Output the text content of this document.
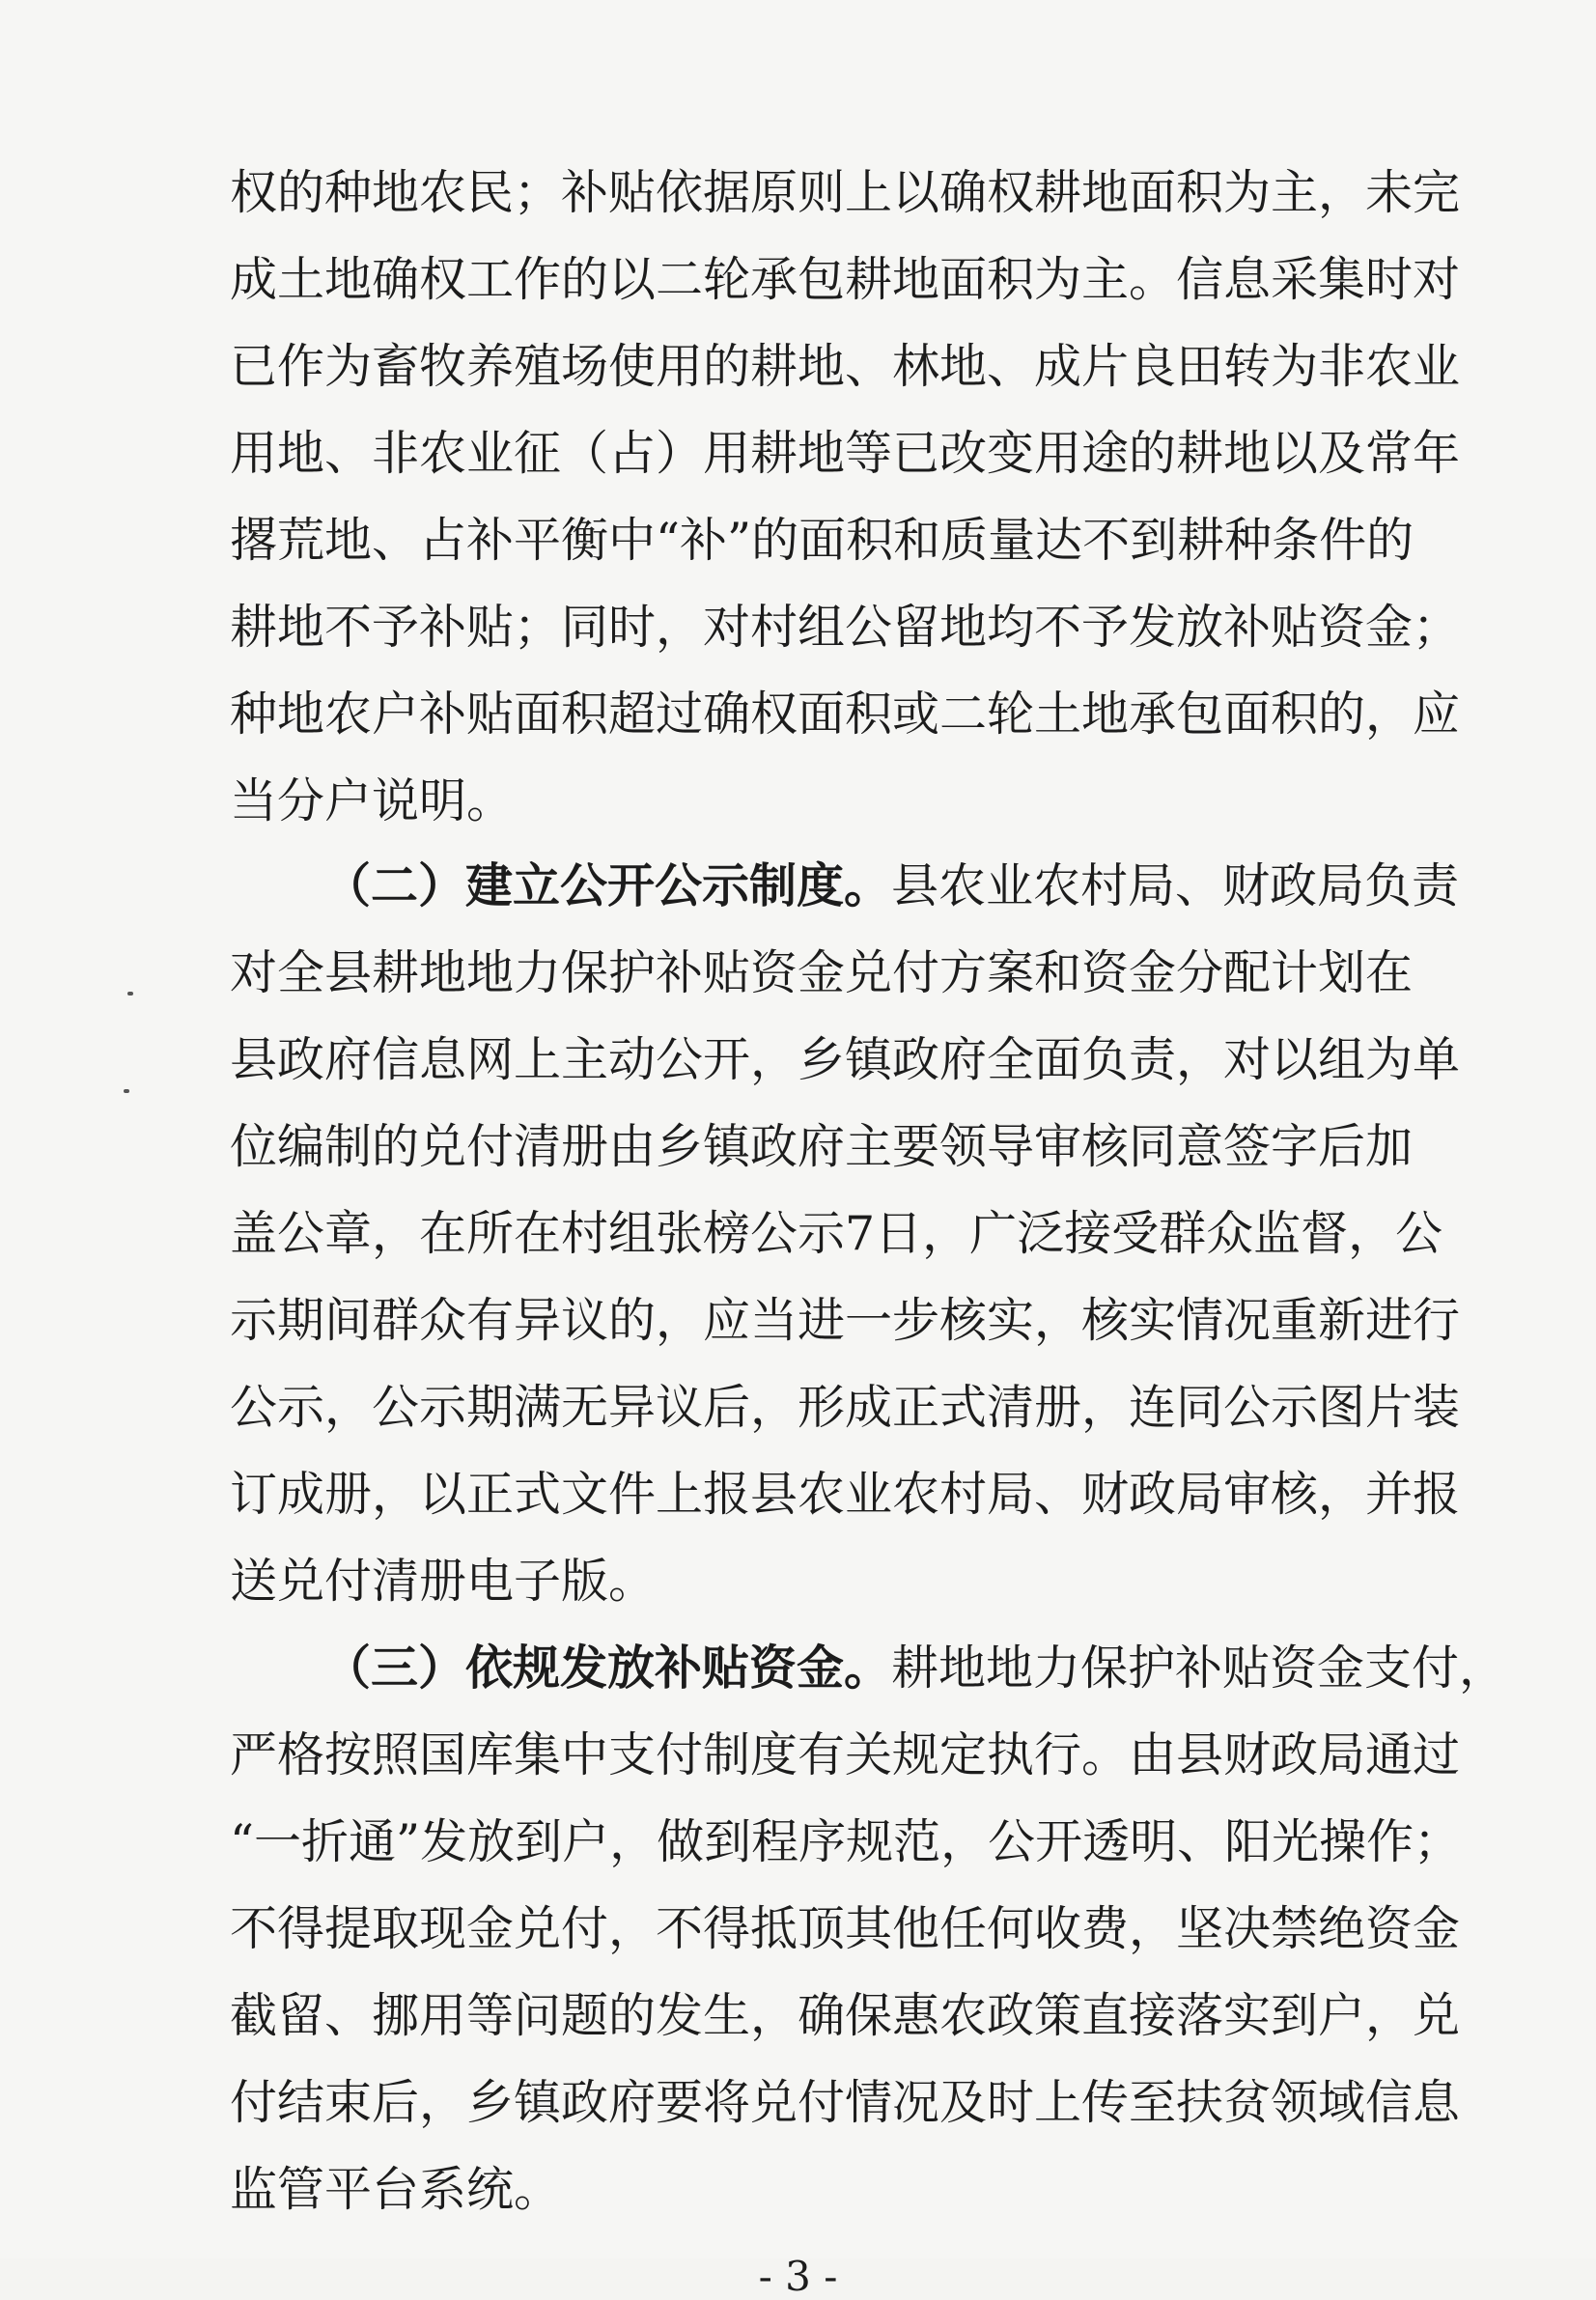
权的种地农民；补贴依据原则上以确权耕地面积为主，未完
成土地确权工作的以二轮承包耕地面积为主。信息采集时对
已作为畜牧养殖场使用的耕地、林地、成片良田转为非农业
用地、非农业征（占）用耕地等已改变用途的耕地以及常年
撂荒地、占补平衡中“补”的面积和质量达不到耕种条件的
耕地不予补贴；同时，对村组公留地均不予发放补贴资金；
种地农户补贴面积超过确权面积或二轮土地承包面积的，应
当分户说明。
（二）建立公开公示制度。县农业农村局、财政局负责
对全县耕地地力保护补贴资金兑付方案和资金分配计划在
县政府信息网上主动公开，乡镇政府全面负责，对以组为单
位编制的兑付清册由乡镇政府主要领导审核同意签字后加
盖公章，在所在村组张榜公示7日，广泛接受群众监督，公
示期间群众有异议的，应当进一步核实，核实情况重新进行
公示，公示期满无异议后，形成正式清册，连同公示图片装
订成册，以正式文件上报县农业农村局、财政局审核，并报
送兑付清册电子版。
（三）依规发放补贴资金。耕地地力保护补贴资金支付，
严格按照国库集中支付制度有关规定执行。由县财政局通过
“一折通”发放到户，做到程序规范，公开透明、阳光操作；
不得提取现金兑付，不得抵顶其他任何收费，坚决禁绝资金
截留、挪用等问题的发生，确保惠农政策直接落实到户，兑
- 3 -
付结束后，乡镇政府要将兑付情况及时上传至扶贫领域信息
监管平台系统。
